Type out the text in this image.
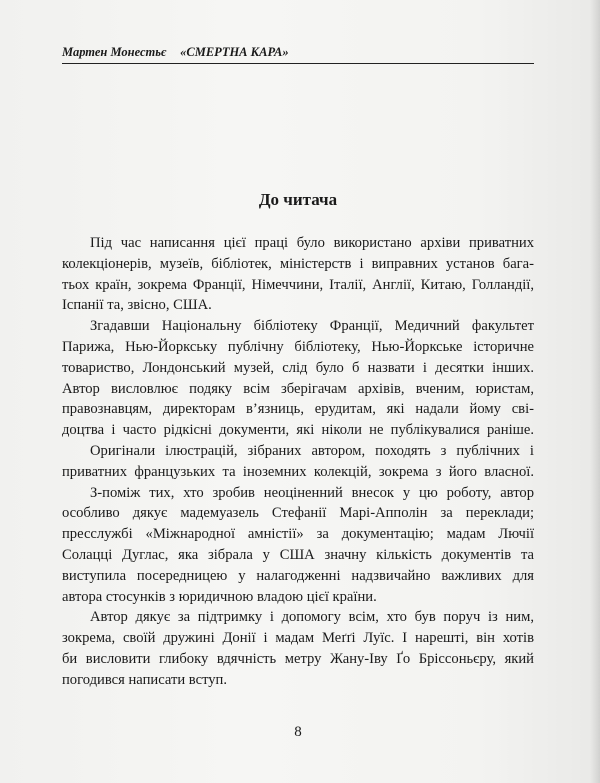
Мартен Монестьє «СМЕРТНА КАРА»
До читача
Під час написання цієї праці було використано архіви приватних
колекціонерів, музеїв, бібліотек, міністерств і виправних установ бага-
тьох країн, зокрема Франції, Німеччини, Італії, Англії, Китаю, Голландії,
Іспанії та, звісно, США.
Згадавши Національну бібліотеку Франції, Медичний факультет
Парижа, Нью-Йоркську публічну бібліотеку, Нью-Йоркське історичне
товариство, Лондонський музей, слід було б назвати і десятки інших.
Автор висловлює подяку всім зберігачам архівів, вченим, юристам,
правознавцям, директорам в’язниць, ерудитам, які надали йому сві-
доцтва і часто рідкісні документи, які ніколи не публікувалися раніше.
Оригінали ілюстрацій, зібраних автором, походять з публічних і
приватних французьких та іноземних колекцій, зокрема з його власної.
З-поміж тих, хто зробив неоціненний внесок у цю роботу, автор
особливо дякує мадемуазель Стефанії Марі-Апполін за переклади;
пресслужбі «Міжнародної амністії» за документацію; мадам Лючії
Солацці Дуглас, яка зібрала у США значну кількість документів та
виступила посередницею у налагодженні надзвичайно важливих для
автора стосунків з юридичною владою цієї країни.
Автор дякує за підтримку і допомогу всім, хто був поруч із ним,
зокрема, своїй дружині Донії і мадам Меґґі Луїс. І нарешті, він хотів
би висловити глибоку вдячність метру Жану-Іву Ґо Бріссоньєру, який
погодився написати вступ.
8
